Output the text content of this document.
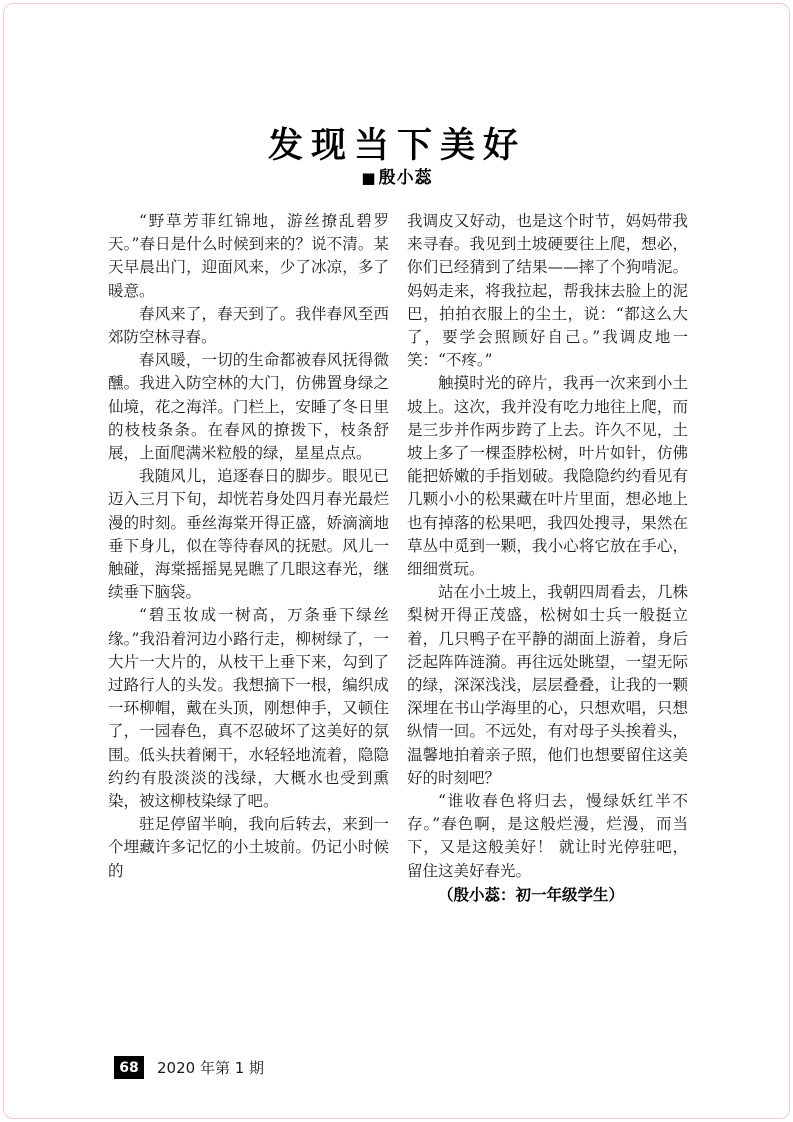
发现当下美好
■ 殷小蕊

“野草芳菲红锦地，游丝撩乱碧罗天。”春日是什么时候到来的？说不清。某天早晨出门，迎面风来，少了冰凉，多了暖意。

春风来了，春天到了。我伴春风至西郊防空林寻春。

春风暖，一切的生命都被春风抚得微醺。我进入防空林的大门，仿佛置身绿之仙境，花之海洋。门栏上，安睡了冬日里的枝枝条条。在春风的撩拨下，枝条舒展，上面爬满米粒般的绿，星星点点。

我随风儿，追逐春日的脚步。眼见已迈入三月下旬，却恍若身处四月春光最烂漫的时刻。垂丝海棠开得正盛，娇滴滴地垂下身儿，似在等待春风的抚慰。风儿一触碰，海棠摇摇晃晃瞧了几眼这春光，继续垂下脑袋。

“碧玉妆成一树高，万条垂下绿丝缘。”我沿着河边小路行走，柳树绿了，一大片一大片的，从枝干上垂下来，勾到了过路行人的头发。我想摘下一根，编织成一环柳帽，戴在头顶，刚想伸手，又顿住了，一园春色，真不忍破坏了这美好的氛围。低头扶着阑干，水轻轻地流着，隐隐约约有股淡淡的浅绿，大概水也受到熏染，被这柳枝染绿了吧。

驻足停留半晌，我向后转去，来到一个埋藏许多记忆的小土坡前。仍记小时候的

我调皮又好动，也是这个时节，妈妈带我来寻春。我见到土坡硬要往上爬，想必，你们已经猜到了结果——摔了个狗啃泥。妈妈走来，将我拉起，帮我抹去脸上的泥巴，拍拍衣服上的尘土，说：“都这么大了，要学会照顾好自己。”我调皮地一笑：“不疼。”

触摸时光的碎片，我再一次来到小土坡上。这次，我并没有吃力地往上爬，而是三步并作两步跨了上去。许久不见，土坡上多了一棵歪脖松树，叶片如针，仿佛能把娇嫩的手指划破。我隐隐约约看见有几颗小小的松果藏在叶片里面，想必地上也有掉落的松果吧，我四处搜寻，果然在草丛中觅到一颗，我小心将它放在手心，细细赏玩。

站在小土坡上，我朝四周看去，几株梨树开得正茂盛，松树如士兵一般挺立着，几只鸭子在平静的湖面上游着，身后泛起阵阵涟漪。再往远处眺望，一望无际的绿，深深浅浅，层层叠叠，让我的一颗深埋在书山学海里的心，只想欢唱，只想纵情一回。不远处，有对母子头挨着头，温馨地拍着亲子照，他们也想要留住这美好的时刻吧？

“谁收春色将归去，慢绿妖红半不存。”春色啊，是这般烂漫，烂漫，而当下，又是这般美好！ 就让时光停驻吧，留住这美好春光。

（殷小蕊：初一年级学生）

68	2020 年第 1 期
